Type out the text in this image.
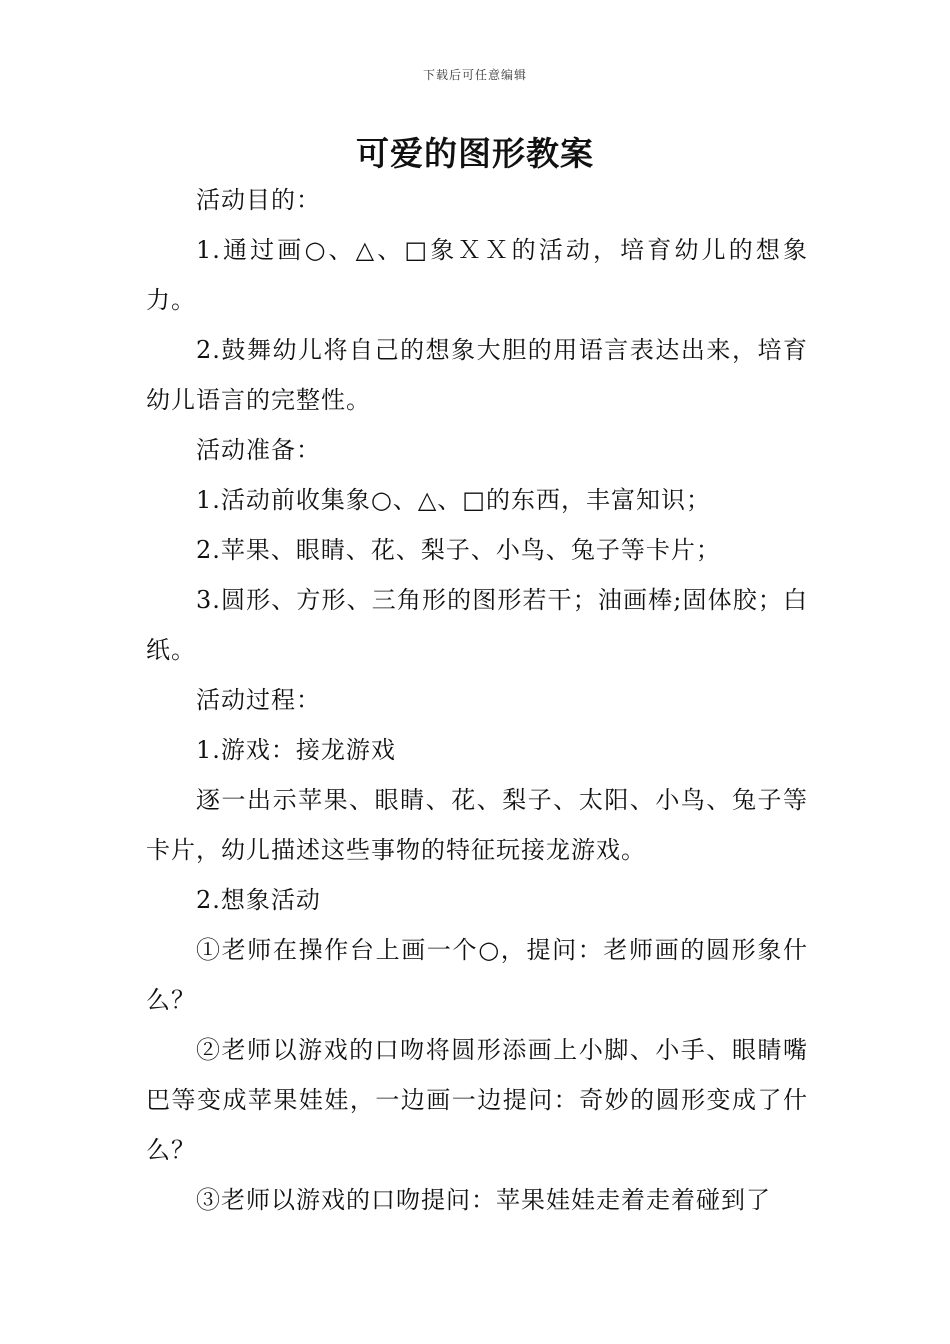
下载后可任意编辑
可爱的图形教案

活动目的：

1.通过画○、△、□象ＸＸ的活动，培育幼儿的想象力。

2.鼓舞幼儿将自己的想象大胆的用语言表达出来，培育幼儿语言的完整性。

活动准备：

1.活动前收集象○、△、□的东西，丰富知识；

2.苹果、眼睛、花、梨子、小鸟、兔子等卡片；

3.圆形、方形、三角形的图形若干；油画棒;固体胶；白纸。

活动过程：

1.游戏：接龙游戏

逐一出示苹果、眼睛、花、梨子、太阳、小鸟、兔子等卡片，幼儿描述这些事物的特征玩接龙游戏。

2.想象活动

①老师在操作台上画一个○，提问：老师画的圆形象什么？

②老师以游戏的口吻将圆形添画上小脚、小手、眼睛嘴巴等变成苹果娃娃，一边画一边提问：奇妙的圆形变成了什么？

③老师以游戏的口吻提问：苹果娃娃走着走着碰到了
